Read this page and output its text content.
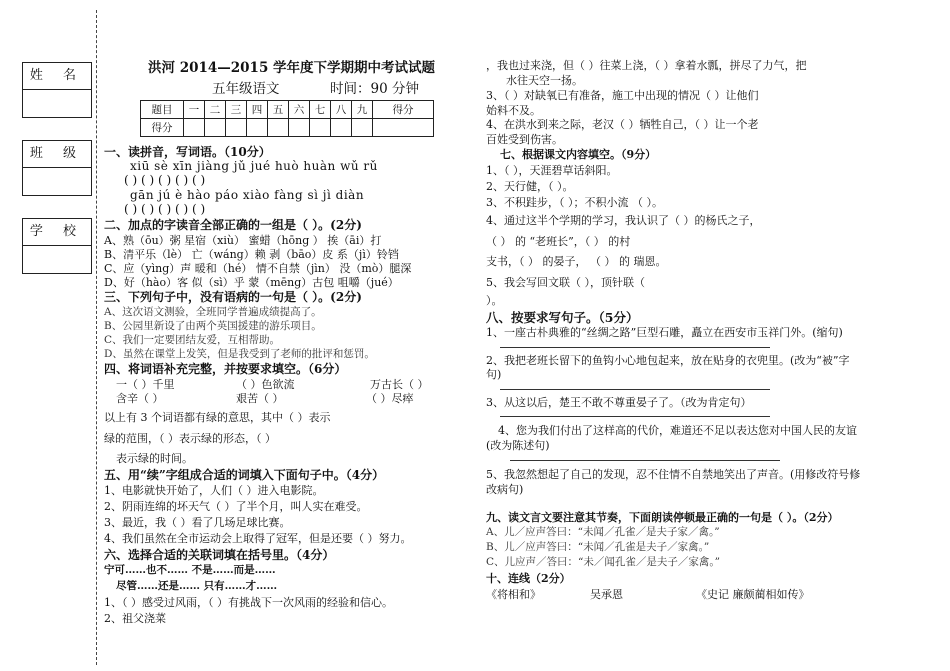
姓 名
班 级
学 校
洪河 2014—2015 学年度下学期期中考试试题
五年级语文	时间：90 分钟
题目	一	二	三	四	五	六	七	八	九	得分
得分										
一、读拼音，写词语。（10分）
xiū sè xīn jiàng jǔ jué huò huàn wǔ rǔ
( ) ( ) ( ) ( ) ( )
gān jú è hào páo xiào fàng sì jì diàn
( ) ( ) ( ) ( ) ( )
二、加点的字读音全部正确的一组是（ ）。(2分)
A、熟（ōu）粥 星宿（xiù） 蜜蜡（hōng ） 挨（āi）打
B、清平乐（lè） 亡（wáng）赖 剥（bāo）皮 系（jì）铃铛
C、应（yìng）声 暖和（hé） 情不自禁（jìn） 没（mò）腿深
D、好（hào）客 似（sì）乎 蒙（mēng）古包 咀嚼（jué）
三、下列句子中，没有语病的一句是（ ）。(2分)
A、这次语文测验，全班同学普遍成绩提高了。
B、公园里新设了由两个英国援建的游乐项目。
C、我们一定要团结友爱，互相帮助。
D、虽然在课堂上发笑，但是我受到了老师的批评和惩罚。
四、将词语补充完整，并按要求填空。（6分）
一（ ）千里	（ ）色欲流	万古长（ ）
含辛（ ）	艰苦（ ）	（ ）尽瘁
以上有 3 个词语都有绿的意思，其中（ ）表示
绿的范围，（ ）表示绿的形态，（ ）
表示绿的时间。
五、用“续”字组成合适的词填入下面句子中。（4分）
1、电影就快开始了，人们（ ）进入电影院。
2、阴雨连绵的坏天气（ ）了半个月，叫人实在难受。
3、最近，我（ ）看了几场足球比赛。
4、我们虽然在全市运动会上取得了冠军，但是还要（ ）努力。
六、选择合适的关联词填在括号里。（4分）
宁可……也不…… 不是……而是……
尽管……还是…… 只有……才……
1、（ ）感受过风雨，（ ）有挑战下一次风雨的经验和信心。
2、祖父浇菜
，我也过来浇，但（ ）往菜上浇，（ ）拿着水瓢，拼尽了力气，把
水往天空一扬。
3、（ ）对缺氧已有准备，施工中出现的情况（ ）让他们
始料不及。
4、在洪水到来之际，老汉（ ）牺牲自己，（ ）让一个老
百姓受到伤害。
七、根据课文内容填空。（9分）
1、（ ），天涯碧草话斜阳。
2、天行健，（ ）。
3、不积跬步，（ ）；不积小流 （ ）。
4、通过这半个学期的学习，我认识了（ ）的杨氏之子，
（ ） 的 “老班长”，（ ） 的村
支书，（ ） 的晏子， （ ） 的 瑞恩。
5、我会写回文联（ ），顶针联（
）。
八、按要求写句子。（5分）
1、一座古朴典雅的“丝绸之路”巨型石雕，矗立在西安市玉祥门外。(缩句)
2、我把老班长留下的鱼钩小心地包起来，放在贴身的衣兜里。(改为“被”字
句)
3、从这以后，楚王不敢不尊重晏子了。（改为肯定句）
4、您为我们付出了这样高的代价，难道还不足以表达您对中国人民的友谊
(改为陈述句)
5、我忽然想起了自己的发现，忍不住情不自禁地笑出了声音。(用修改符号修
改病句)
九、读文言文要注意其节奏，下面朗读停顿最正确的一句是（ ）。（2分）
A、儿／应声答曰：“未闻／孔雀／是夫子家／禽。”
B、儿／应声答曰：“未闻／孔雀是夫子／家禽。”
C、儿应声／答曰：“未／闻孔雀／是夫子／家禽。”
十、连线（2分）
《将相和》	吴承恩	《史记 廉颇蔺相如传》
